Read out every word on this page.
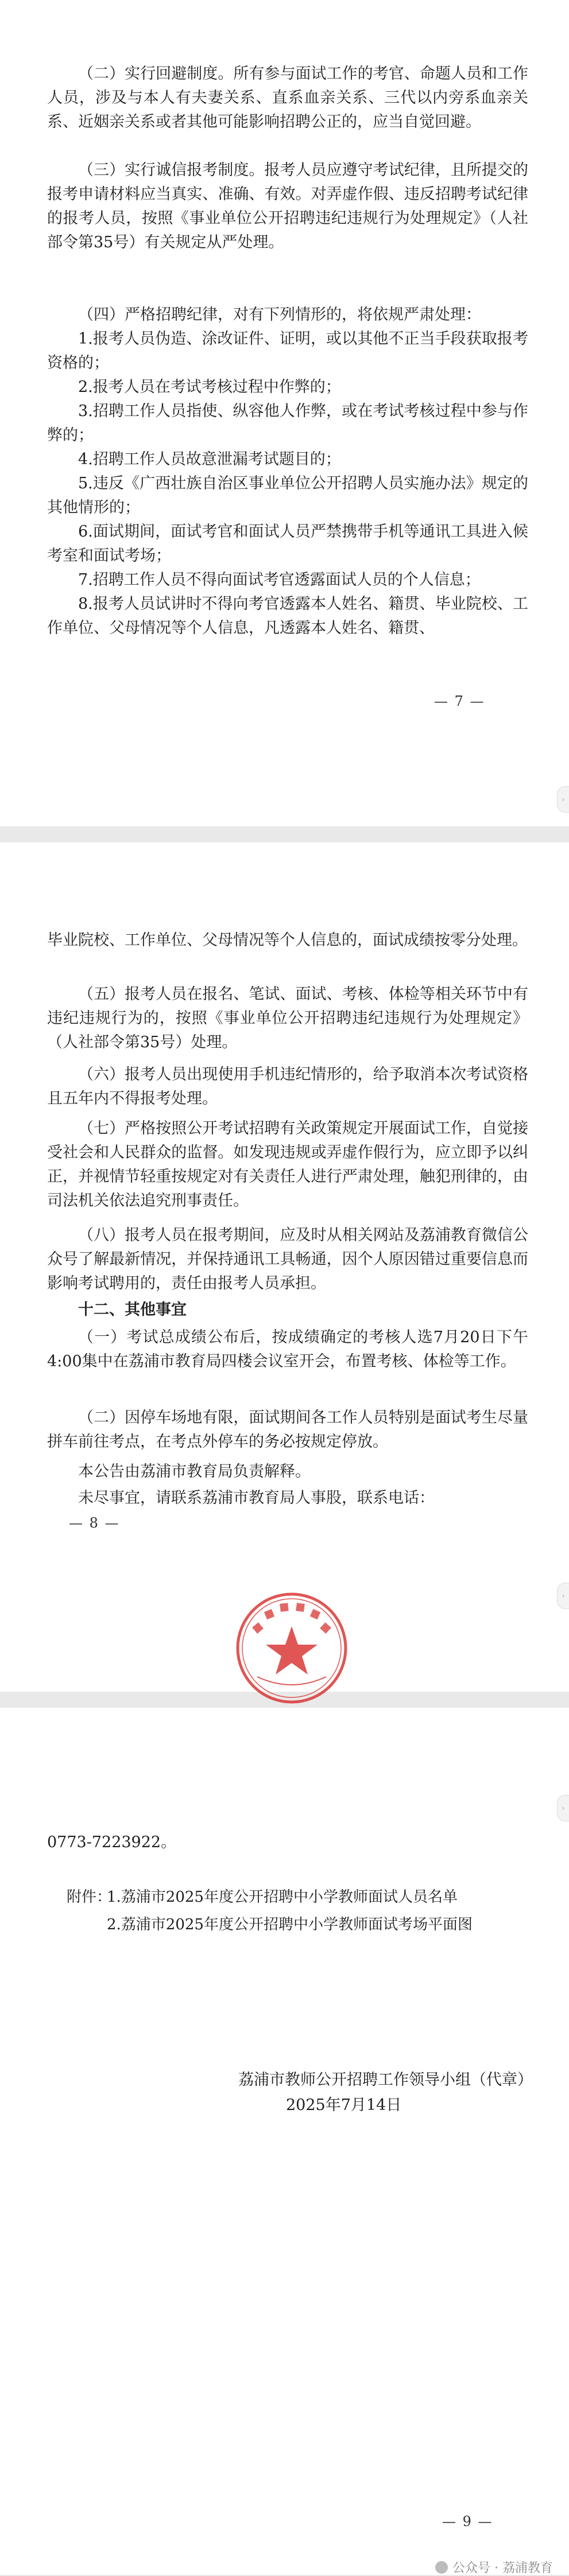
（二）实行回避制度。所有参与面试工作的考官、命题人员和工作人员，涉及与本人有夫妻关系、直系血亲关系、三代以内旁系血亲关系、近姻亲关系或者其他可能影响招聘公正的，应当自觉回避。

（三）实行诚信报考制度。报考人员应遵守考试纪律，且所提交的报考申请材料应当真实、准确、有效。对弄虚作假、违反招聘考试纪律的报考人员，按照《事业单位公开招聘违纪违规行为处理规定》（人社部令第35号）有关规定从严处理。

（四）严格招聘纪律，对有下列情形的，将依规严肃处理：

1.报考人员伪造、涂改证件、证明，或以其他不正当手段获取报考资格的；

2.报考人员在考试考核过程中作弊的；

3.招聘工作人员指使、纵容他人作弊，或在考试考核过程中参与作弊的；

4.招聘工作人员故意泄漏考试题目的；

5.违反《广西壮族自治区事业单位公开招聘人员实施办法》规定的其他情形的；

6.面试期间，面试考官和面试人员严禁携带手机等通讯工具进入候考室和面试考场；

7.招聘工作人员不得向面试考官透露面试人员的个人信息；

8.报考人员试讲时不得向考官透露本人姓名、籍贯、毕业院校、工作单位、父母情况等个人信息，凡透露本人姓名、籍贯、

— 7 —
›

毕业院校、工作单位、父母情况等个人信息的，面试成绩按零分处理。

（五）报考人员在报名、笔试、面试、考核、体检等相关环节中有违纪违规行为的，按照《事业单位公开招聘违纪违规行为处理规定》（人社部令第35号）处理。

（六）报考人员出现使用手机违纪情形的，给予取消本次考试资格且五年内不得报考处理。

（七）严格按照公开考试招聘有关政策规定开展面试工作，自觉接受社会和人民群众的监督。如发现违规或弄虚作假行为，应立即予以纠正，并视情节轻重按规定对有关责任人进行严肃处理，触犯刑律的，由司法机关依法追究刑事责任。

（八）报考人员在报考期间，应及时从相关网站及荔浦教育微信公众号了解最新情况，并保持通讯工具畅通，因个人原因错过重要信息而影响考试聘用的，责任由报考人员承担。

十二、其他事宜

（一）考试总成绩公布后，按成绩确定的考核人选7月20日下午4:00集中在荔浦市教育局四楼会议室开会，布置考核、体检等工作。

（二）因停车场地有限，面试期间各工作人员特别是面试考生尽量拼车前往考点，在考点外停车的务必按规定停放。

本公告由荔浦市教育局负责解释。

未尽事宜，请联系荔浦市教育局人事股，联系电话：

— 8 —
›
›

0773-7223922。

附件：

1.荔浦市2025年度公开招聘中小学教师面试人员名单

2.荔浦市2025年度公开招聘中小学教师面试考场平面图

荔浦市教师公开招聘工作领导小组（代章）

2025年7月14日

— 9 —
公众号 · 荔浦教育
